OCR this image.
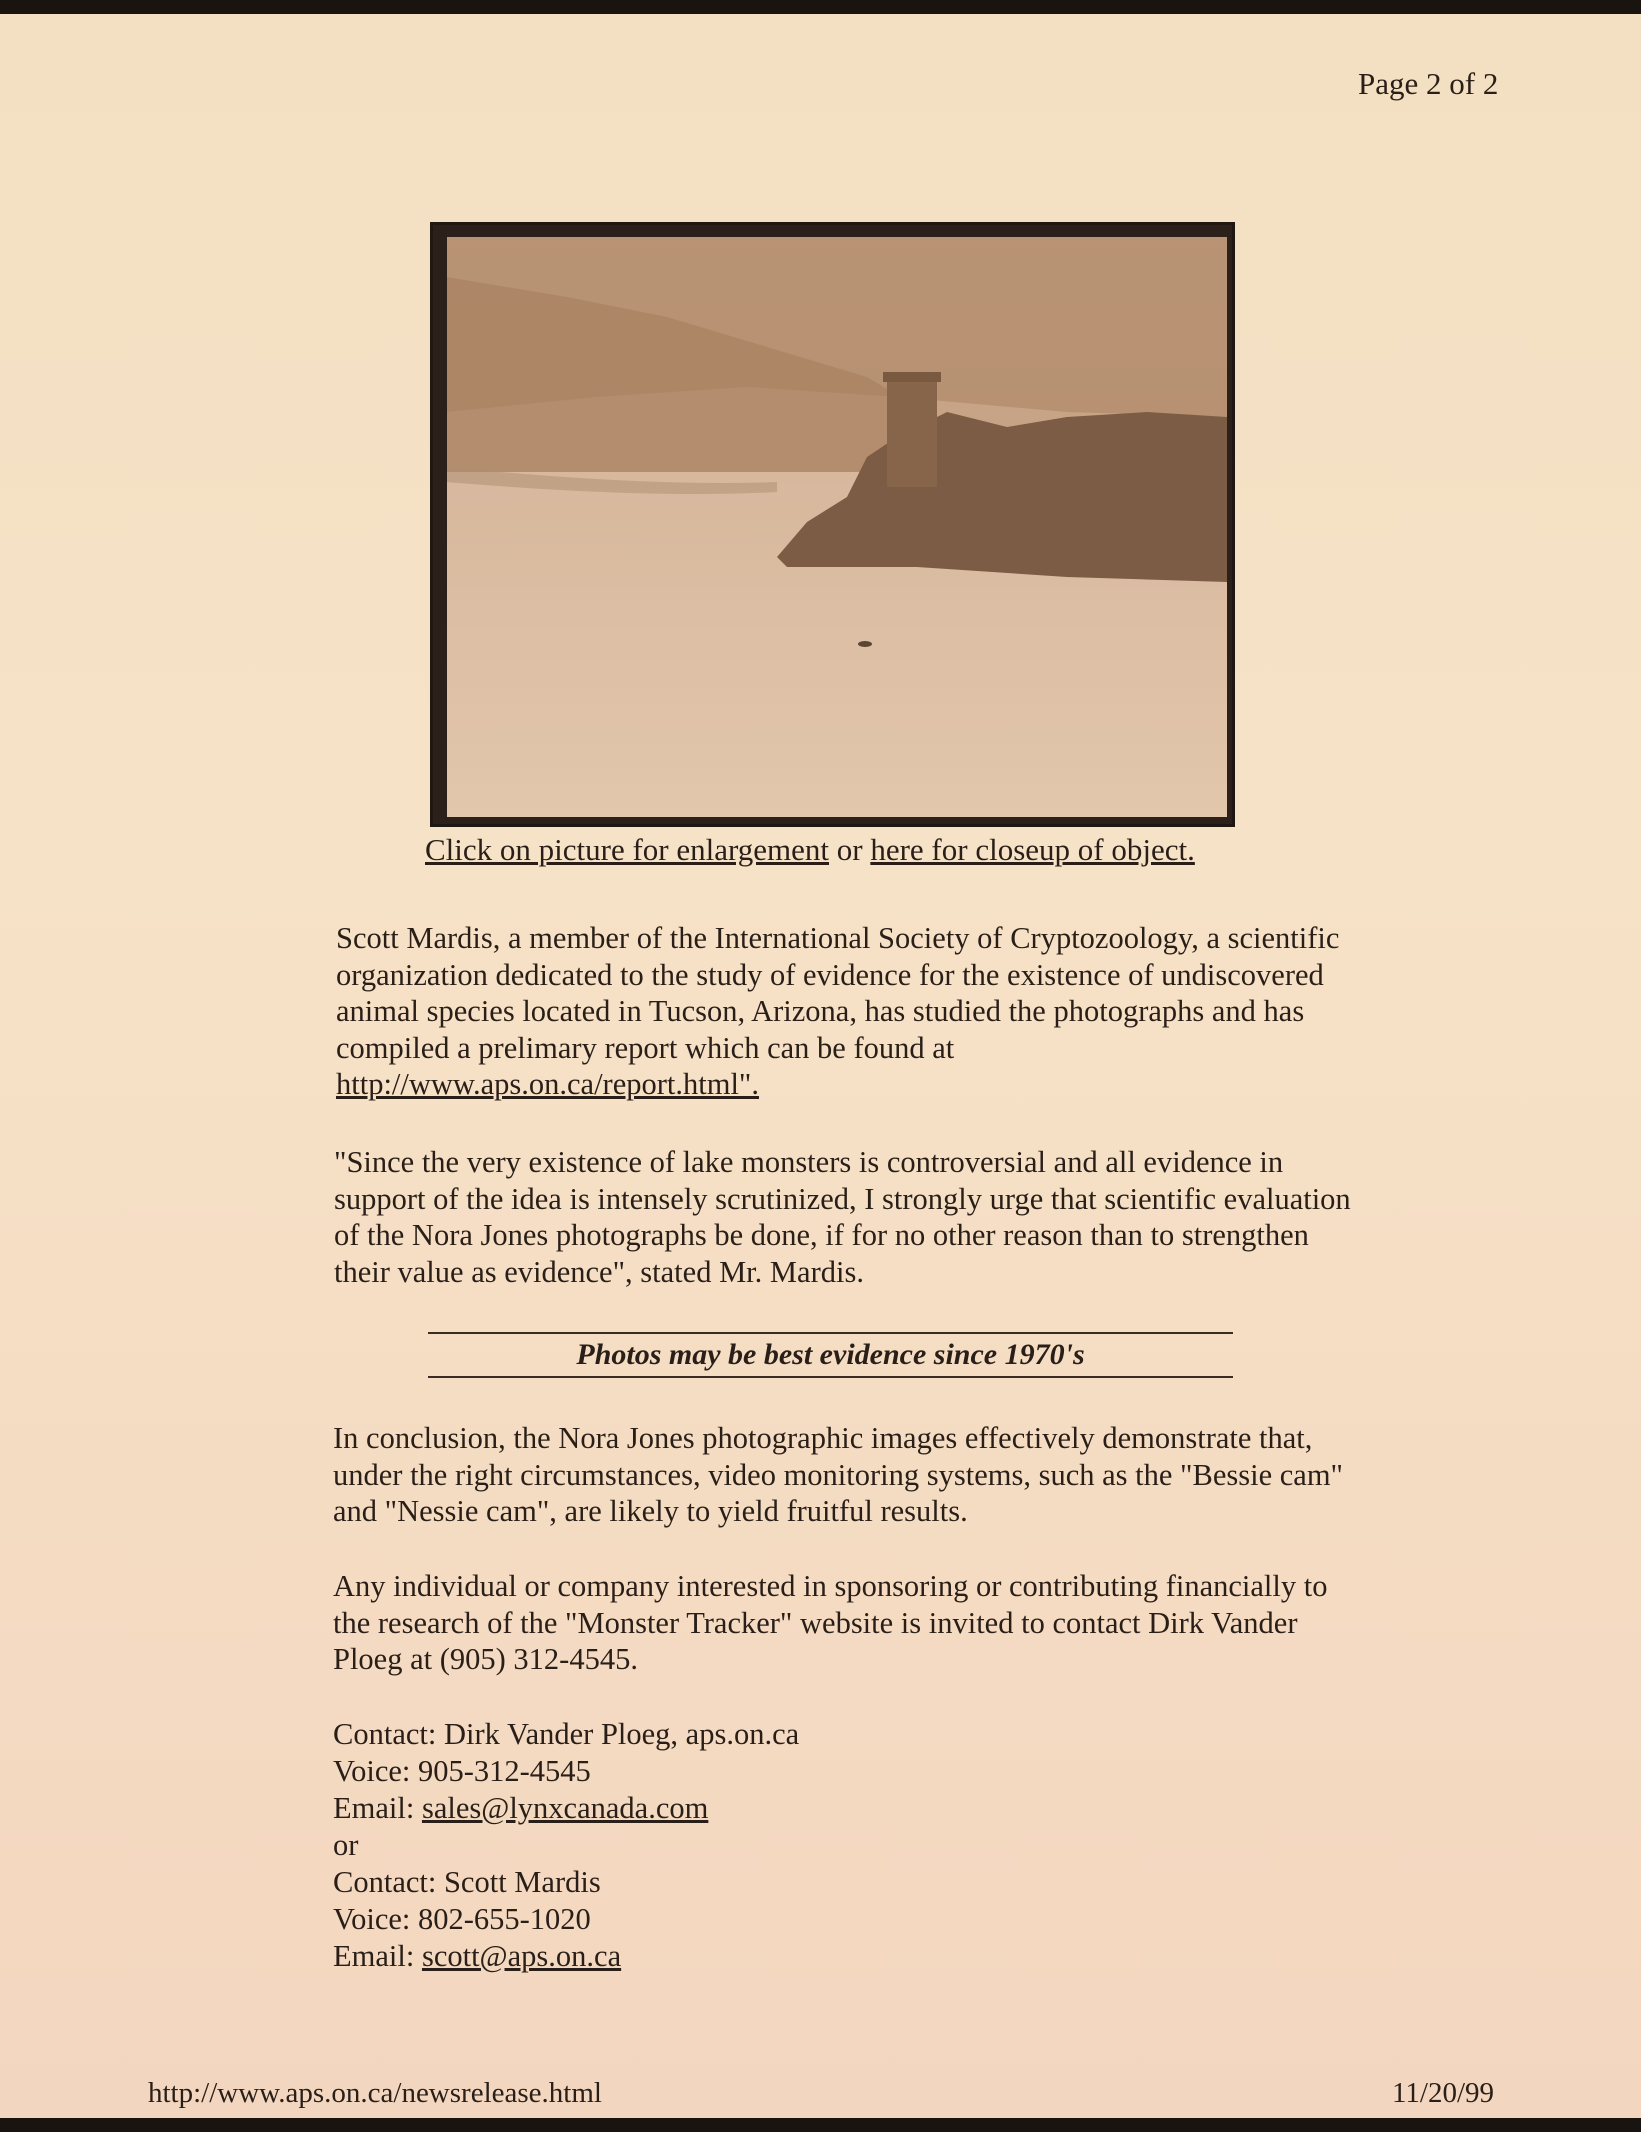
Page 2 of 2
Click on picture for enlargement or here for closeup of object.

Scott Mardis, a member of the International Society of Cryptozoology, a scientific organization dedicated to the study of evidence for the existence of undiscovered animal species located in Tucson, Arizona, has studied the photographs and has compiled a prelimary report which can be found at http://www.aps.on.ca/report.html".

"Since the very existence of lake monsters is controversial and all evidence in support of the idea is intensely scrutinized, I strongly urge that scientific evaluation of the Nora Jones photographs be done, if for no other reason than to strengthen their value as evidence", stated Mr. Mardis.

Photos may be best evidence since 1970's

In conclusion, the Nora Jones photographic images effectively demonstrate that, under the right circumstances, video monitoring systems, such as the "Bessie cam" and "Nessie cam", are likely to yield fruitful results.

Any individual or company interested in sponsoring or contributing financially to the research of the "Monster Tracker" website is invited to contact Dirk Vander Ploeg at (905) 312-4545.

Contact: Dirk Vander Ploeg, aps.on.ca
Voice: 905-312-4545
Email: sales@lynxcanada.com
or
Contact: Scott Mardis
Voice: 802-655-1020
Email: scott@aps.on.ca
http://www.aps.on.ca/newsrelease.html	11/20/99
